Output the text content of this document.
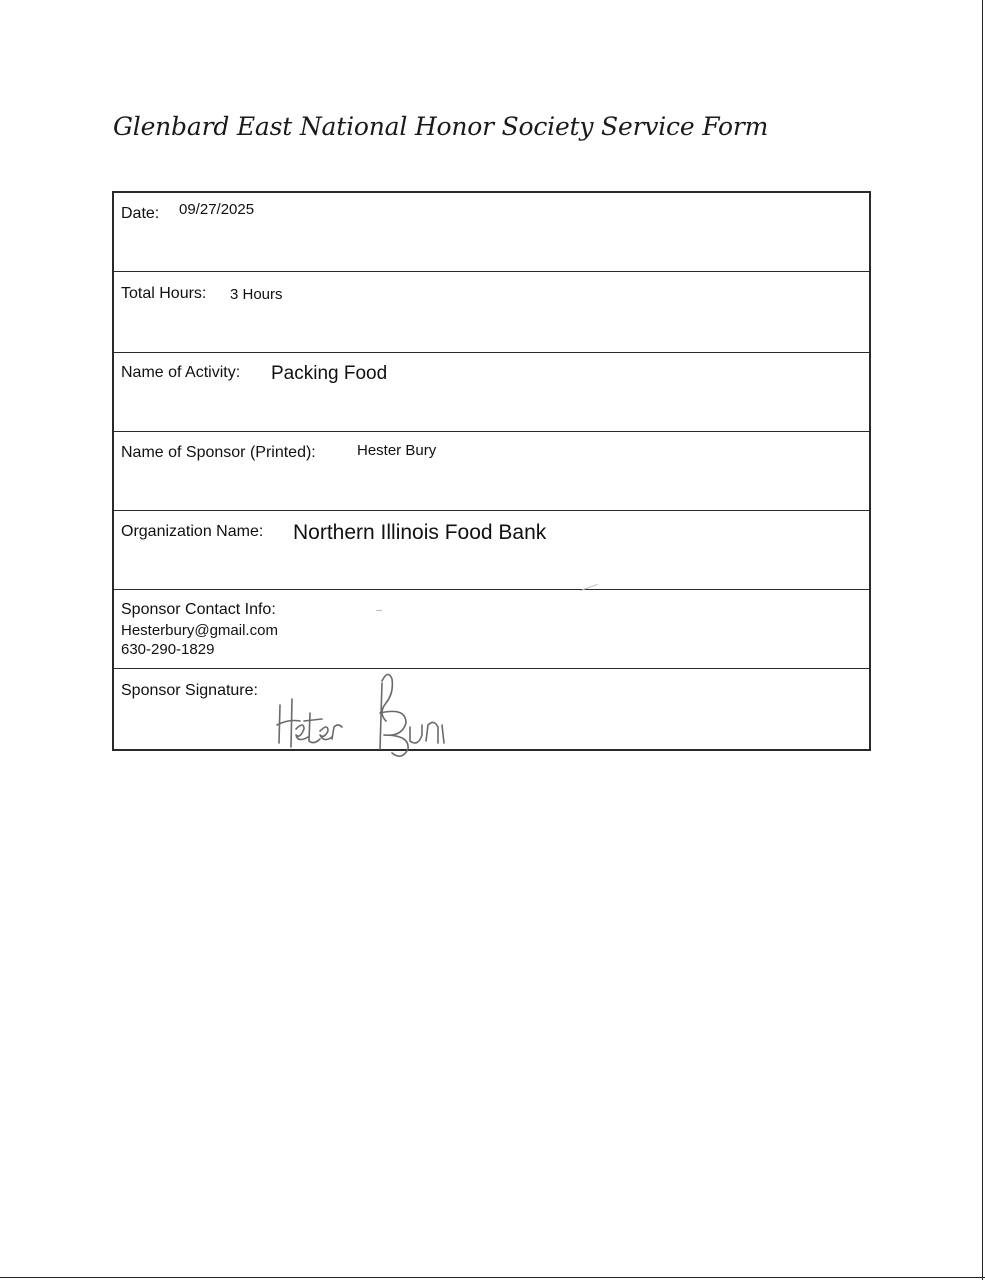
Glenbard East National Honor Society Service Form
Date: 09/27/2025
Total Hours: 3 Hours
Name of Activity: Packing Food
Name of Sponsor (Printed):	Hester Bury
Organization Name: Northern Illinois Food Bank
Sponsor Contact Info:
Hesterbury@gmail.com
630-290-1829
Sponsor Signature:
